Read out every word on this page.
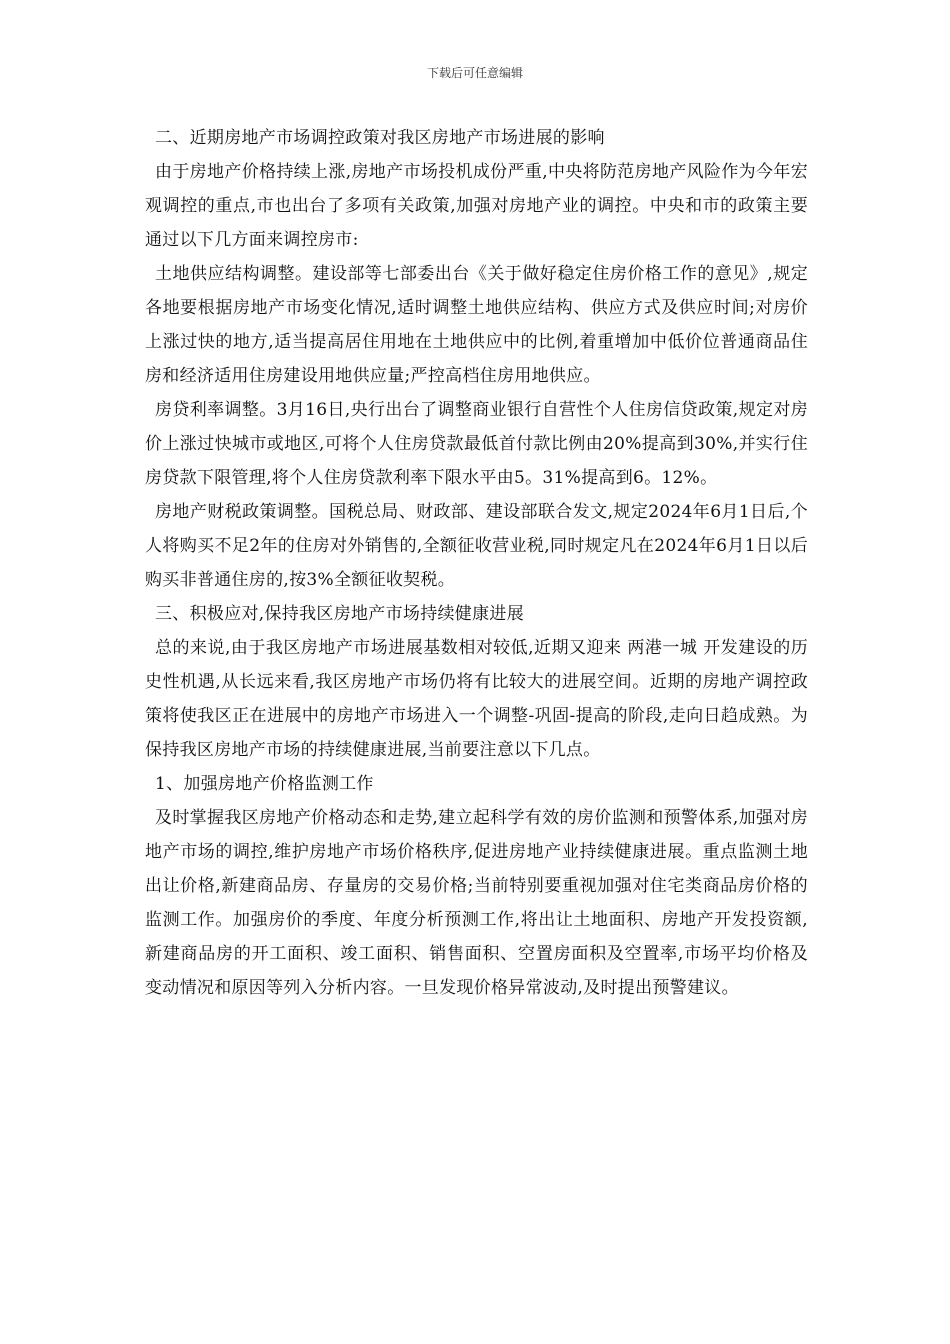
下载后可任意编辑

二、近期房地产市场调控政策对我区房地产市场进展的影响

由于房地产价格持续上涨,房地产市场投机成份严重,中央将防范房地产风险作为今年宏观调控的重点,市也出台了多项有关政策,加强对房地产业的调控。中央和市的政策主要通过以下几方面来调控房市:

土地供应结构调整。建设部等七部委出台《关于做好稳定住房价格工作的意见》,规定各地要根据房地产市场变化情况,适时调整土地供应结构、供应方式及供应时间;对房价上涨过快的地方,适当提高居住用地在土地供应中的比例,着重增加中低价位普通商品住房和经济适用住房建设用地供应量;严控高档住房用地供应。

房贷利率调整。3月16日,央行出台了调整商业银行自营性个人住房信贷政策,规定对房价上涨过快城市或地区,可将个人住房贷款最低首付款比例由20%提高到30%,并实行住房贷款下限管理,将个人住房贷款利率下限水平由5。31%提高到6。12%。

房地产财税政策调整。国税总局、财政部、建设部联合发文,规定2024年6月1日后,个人将购买不足2年的住房对外销售的,全额征收营业税,同时规定凡在2024年6月1日以后购买非普通住房的,按3%全额征收契税。

三、积极应对,保持我区房地产市场持续健康进展

总的来说,由于我区房地产市场进展基数相对较低,近期又迎来 两港一城 开发建设的历史性机遇,从长远来看,我区房地产市场仍将有比较大的进展空间。近期的房地产调控政策将使我区正在进展中的房地产市场进入一个调整-巩固-提高的阶段,走向日趋成熟。为保持我区房地产市场的持续健康进展,当前要注意以下几点。

1、加强房地产价格监测工作

及时掌握我区房地产价格动态和走势,建立起科学有效的房价监测和预警体系,加强对房地产市场的调控,维护房地产市场价格秩序,促进房地产业持续健康进展。重点监测土地出让价格,新建商品房、存量房的交易价格;当前特别要重视加强对住宅类商品房价格的监测工作。加强房价的季度、年度分析预测工作,将出让土地面积、房地产开发投资额,新建商品房的开工面积、竣工面积、销售面积、空置房面积及空置率,市场平均价格及变动情况和原因等列入分析内容。一旦发现价格异常波动,及时提出预警建议。
